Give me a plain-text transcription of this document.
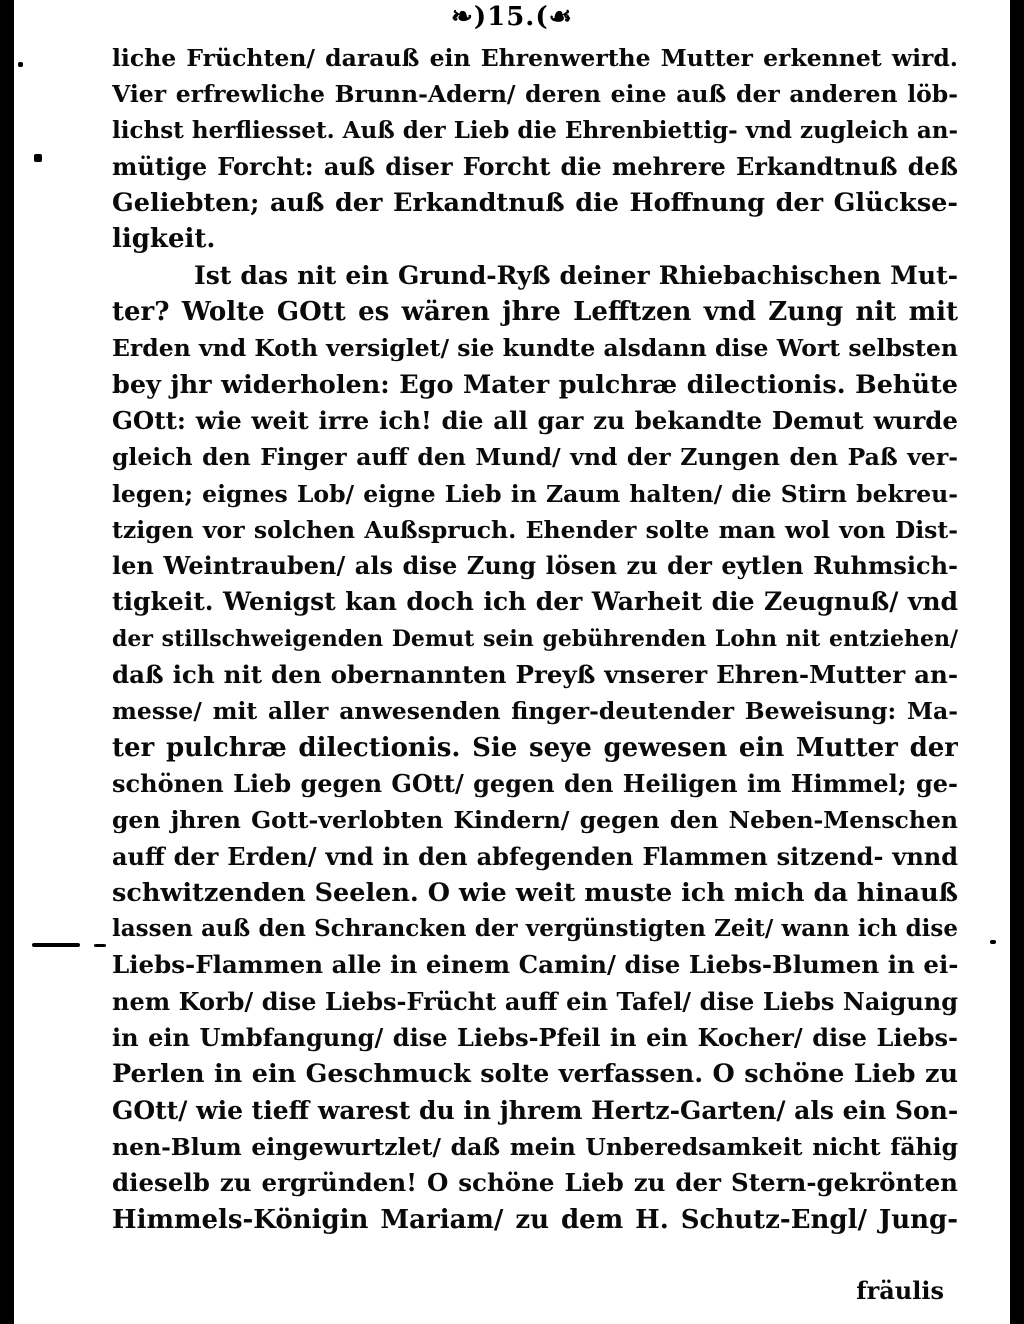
❧)15.(☙
liche Früchten/ darauß ein Ehrenwerthe Mutter erkennet wird.
Vier erfrewliche Brunn-Adern/ deren eine auß der anderen löb-
lichst herfliesset. Auß der Lieb die Ehrenbiettig- vnd zugleich an-
mütige Forcht: auß diser Forcht die mehrere Erkandtnuß deß
Geliebten; auß der Erkandtnuß die Hoffnung der Glückse-
ligkeit.
Ist das nit ein Grund-Ryß deiner Rhiebachischen Mut-
ter? Wolte GOtt es wären jhre Lefftzen vnd Zung nit mit
Erden vnd Koth versiglet/ sie kundte alsdann dise Wort selbsten
bey jhr widerholen: Ego Mater pulchræ dilectionis. Behüte
GOtt: wie weit irre ich! die all gar zu bekandte Demut wurde
gleich den Finger auff den Mund/ vnd der Zungen den Paß ver-
legen; eignes Lob/ eigne Lieb in Zaum halten/ die Stirn bekreu-
tzigen vor solchen Außspruch. Ehender solte man wol von Dist-
len Weintrauben/ als dise Zung lösen zu der eytlen Ruhmsich-
tigkeit. Wenigst kan doch ich der Warheit die Zeugnuß/ vnd
der stillschweigenden Demut sein gebührenden Lohn nit entziehen/
daß ich nit den obernannten Preyß vnserer Ehren-Mutter an-
messe/ mit aller anwesenden finger-deutender Beweisung: Ma-
ter pulchræ dilectionis. Sie seye gewesen ein Mutter der
schönen Lieb gegen GOtt/ gegen den Heiligen im Himmel; ge-
gen jhren Gott-verlobten Kindern/ gegen den Neben-Menschen
auff der Erden/ vnd in den abfegenden Flammen sitzend- vnnd
schwitzenden Seelen. O wie weit muste ich mich da hinauß
lassen auß den Schrancken der vergünstigten Zeit/ wann ich dise
Liebs-Flammen alle in einem Camin/ dise Liebs-Blumen in ei-
nem Korb/ dise Liebs-Frücht auff ein Tafel/ dise Liebs Naigung
in ein Umbfangung/ dise Liebs-Pfeil in ein Kocher/ dise Liebs-
Perlen in ein Geschmuck solte verfassen. O schöne Lieb zu
GOtt/ wie tieff warest du in jhrem Hertz-Garten/ als ein Son-
nen-Blum eingewurtzlet/ daß mein Unberedsamkeit nicht fähig
dieselb zu ergründen! O schöne Lieb zu der Stern-gekrönten
Himmels-Königin Mariam/ zu dem H. Schutz-Engl/ Jung-
fräulis
